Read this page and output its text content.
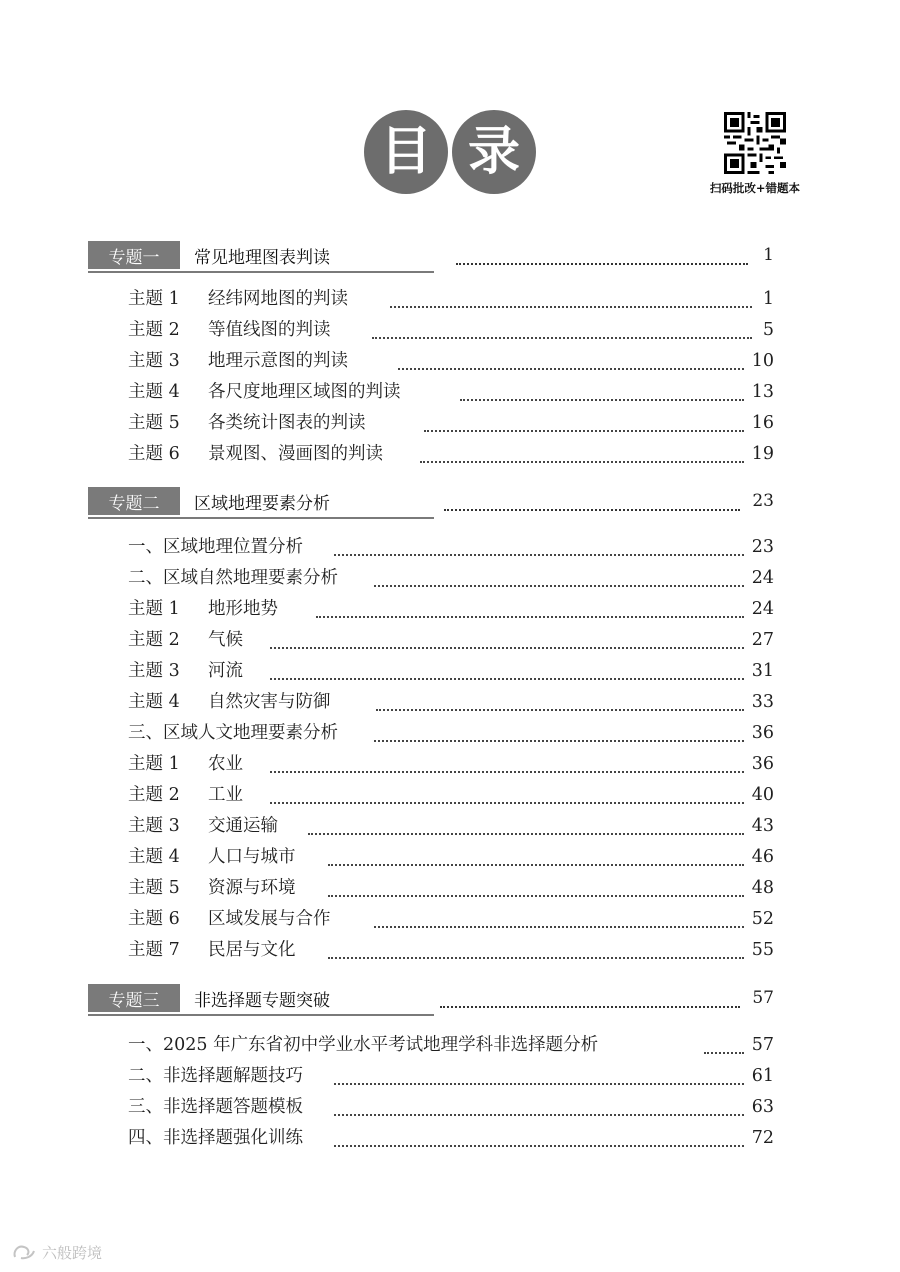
目 录
扫码批改+错题本
专题一	常见地理图表判读	1
主题 1 经纬网地图的判读	1
主题 2 等值线图的判读	5
主题 3 地理示意图的判读	10
主题 4 各尺度地理区域图的判读	13
主题 5 各类统计图表的判读	16
主题 6 景观图、漫画图的判读	19
专题二	区域地理要素分析	23
一、区域地理位置分析	23
二、区域自然地理要素分析	24
主题 1 地形地势	24
主题 2 气候	27
主题 3 河流	31
主题 4 自然灾害与防御	33
三、区域人文地理要素分析	36
主题 1 农业	36
主题 2 工业	40
主题 3 交通运输	43
主题 4 人口与城市	46
主题 5 资源与环境	48
主题 6 区域发展与合作	52
主题 7 民居与文化	55
专题三	非选择题专题突破	57
一、2025 年广东省初中学业水平考试地理学科非选择题分析	57
二、非选择题解题技巧	61
三、非选择题答题模板	63
四、非选择题强化训练	72
六般跨境
